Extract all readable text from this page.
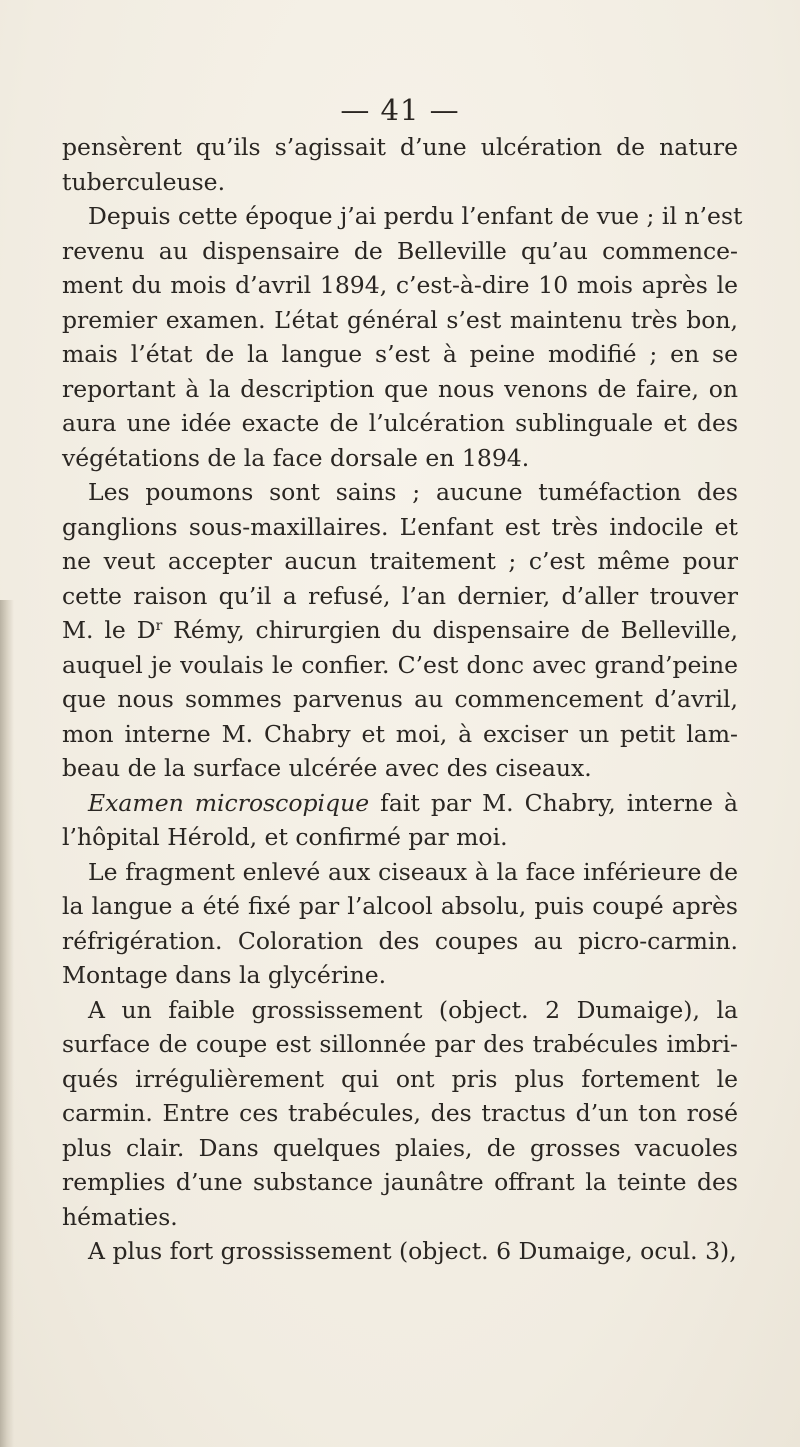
— 41 —

pensèrent qu’ils s’agissait d’une ulcération de nature
tuberculeuse.
Depuis cette époque j’ai perdu l’enfant de vue ; il n’est
revenu au dispensaire de Belleville qu’au commence-
ment du mois d’avril 1894, c’est-à-dire 10 mois après le
premier examen. L’état général s’est maintenu très bon,
mais l’état de la langue s’est à peine modifié ; en se
reportant à la description que nous venons de faire, on
aura une idée exacte de l’ulcération sublinguale et des
végétations de la face dorsale en 1894.
Les poumons sont sains ; aucune tuméfaction des
ganglions sous-maxillaires. L’enfant est très indocile et
ne veut accepter aucun traitement ; c’est même pour
cette raison qu’il a refusé, l’an dernier, d’aller trouver
M. le $D^r$ Rémy, chirurgien du dispensaire de Belleville,
auquel je voulais le confier. C’est donc avec grand’peine
que nous sommes parvenus au commencement d’avril,
mon interne M. Chabry et moi, à exciser un petit lam-
beau de la surface ulcérée avec des ciseaux.
Examen microscopique fait par M. Chabry, interne à
l’hôpital Hérold, et confirmé par moi.
Le fragment enlevé aux ciseaux à la face inférieure de
la langue a été fixé par l’alcool absolu, puis coupé après
réfrigération. Coloration des coupes au picro-carmin.
Montage dans la glycérine.
A un faible grossissement (object. 2 Dumaige), la
surface de coupe est sillonnée par des trabécules imbri-
qués irrégulièrement qui ont pris plus fortement le
carmin. Entre ces trabécules, des tractus d’un ton rosé
plus clair. Dans quelques plaies, de grosses vacuoles
remplies d’une substance jaunâtre offrant la teinte des
hématies.
A plus fort grossissement (object. 6 Dumaige, ocul. 3),
